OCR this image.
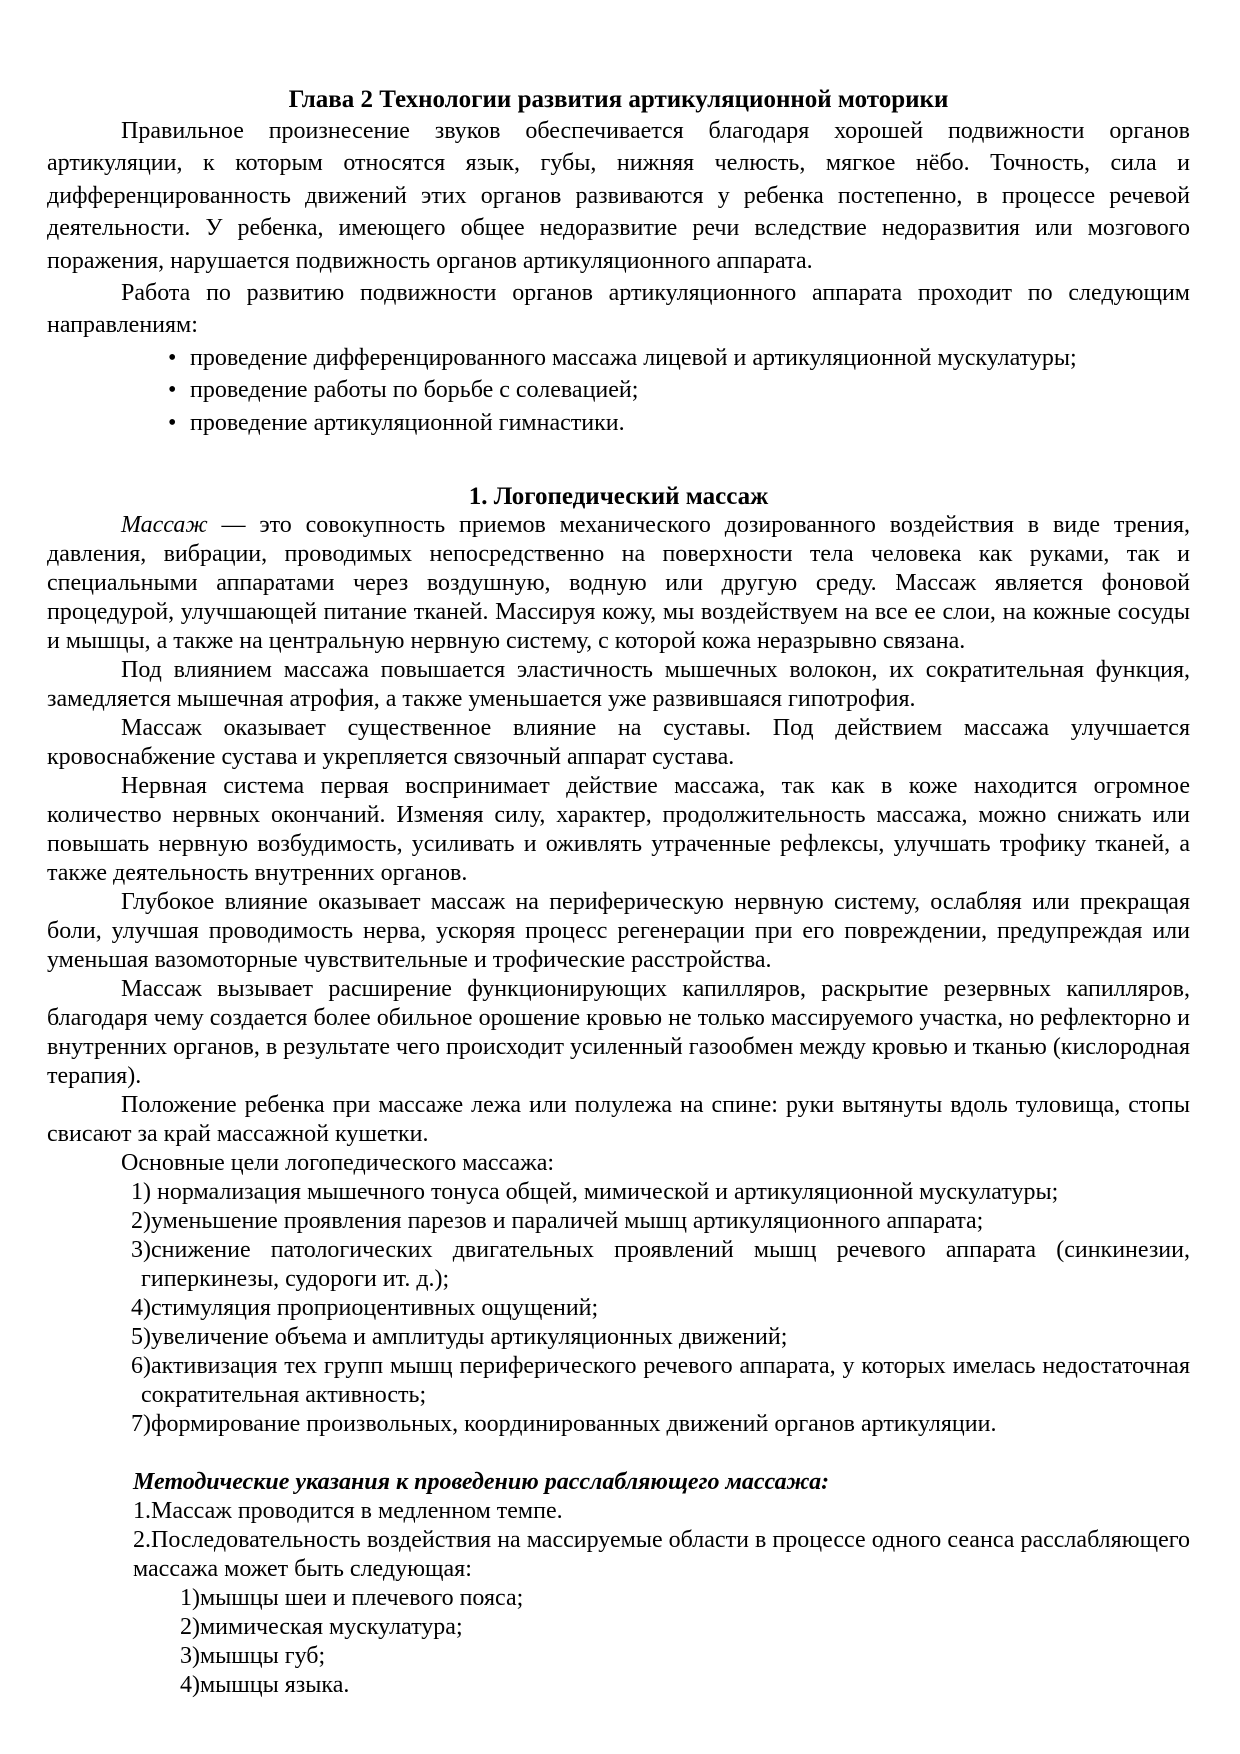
Глава 2 Технологии развития артикуляционной моторики

Правильное произнесение звуков обеспечивается благодаря хорошей подвижности органов артикуляции, к которым относятся язык, губы, нижняя челюсть, мягкое нёбо. Точность, сила и дифференцированность движений этих органов развиваются у ребенка постепенно, в процессе речевой деятельности. У ребенка, имеющего общее недоразвитие речи вследствие недоразвития или мозгового поражения, нарушается подвижность органов артикуляционного аппарата.

Работа по развитию подвижности органов артикуляционного аппарата проходит по следующим направлениям:

• проведение дифференцированного массажа лицевой и артикуляционной мускулатуры;
• проведение работы по борьбе с солевацией;
• проведение артикуляционной гимнастики.
1. Логопедический массаж

Массаж — это совокупность приемов механического дозированного воздействия в виде трения, давления, вибрации, проводимых непосредственно на поверхности тела человека как руками, так и специальными аппаратами через воздушную, водную или другую среду. Массаж является фоновой процедурой, улучшающей питание тканей. Массируя кожу, мы воздействуем на все ее слои, на кожные сосуды и мышцы, а также на центральную нервную систему, с которой кожа неразрывно связана.

Под влиянием массажа повышается эластичность мышечных волокон, их сократительная функция, замедляется мышечная атрофия, а также уменьшается уже развившаяся гипотрофия.

Массаж оказывает существенное влияние на суставы. Под действием массажа улучшается кровоснабжение сустава и укрепляется связочный аппарат сустава.

Нервная система первая воспринимает действие массажа, так как в коже находится огромное количество нервных окончаний. Изменяя силу, характер, продолжительность массажа, можно снижать или повышать нервную возбудимость, усиливать и оживлять утраченные рефлексы, улучшать трофику тканей, а также деятельность внутренних органов.

Глубокое влияние оказывает массаж на периферическую нервную систему, ослабляя или прекращая боли, улучшая проводимость нерва, ускоряя процесс регенерации при его повреждении, предупреждая или уменьшая вазомоторные чувствительные и трофические расстройства.

Массаж вызывает расширение функционирующих капилляров, раскрытие резервных капилляров, благодаря чему создается более обильное орошение кровью не только массируемого участка, но рефлекторно и внутренних органов, в результате чего происходит усиленный газообмен между кровью и тканью (кислородная терапия).

Положение ребенка при массаже лежа или полулежа на спине: руки вытянуты вдоль туловища, стопы свисают за край массажной кушетки.

Основные цели логопедического массажа:

1) нормализация мышечного тонуса общей, мимической и артикуляционной мускулатуры;
2)уменьшение проявления парезов и параличей мышц артикуляционного аппарата;
3)снижение патологических двигательных проявлений мышц речевого аппарата (синкинезии, гиперкинезы, судороги ит. д.);
4)стимуляция проприоцентивных ощущений;
5)увеличение объема и амплитуды артикуляционных движений;
6)активизация тех групп мышц периферического речевого аппарата, у которых имелась недостаточная сократительная активность;
7)формирование произвольных, координированных движений органов артикуляции.
Методические указания к проведению расслабляющего массажа:

1.Массаж проводится в медленном темпе.

2.Последовательность воздействия на массируемые области в процессе одного сеанса расслабляющего массажа может быть следующая:

1)мышцы шеи и плечевого пояса;
2)мимическая мускулатура;
3)мышцы губ;
4)мышцы языка.
